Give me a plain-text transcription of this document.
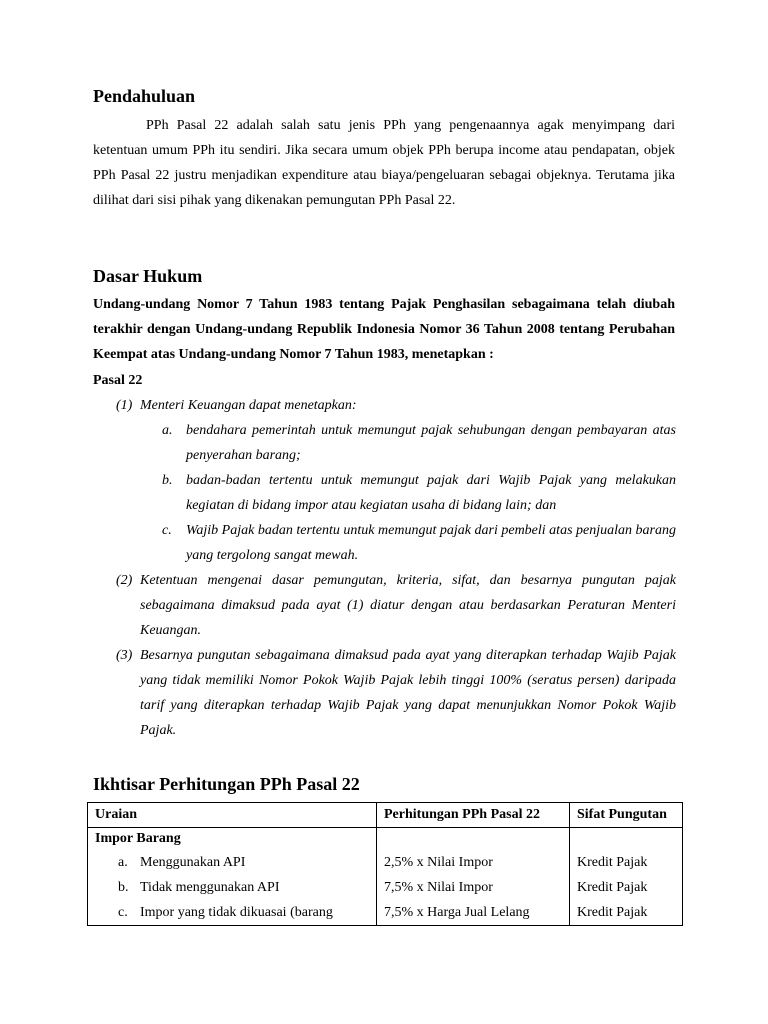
Pendahuluan

PPh Pasal 22 adalah salah satu jenis PPh yang pengenaannya agak menyimpang dari ketentuan umum PPh itu sendiri. Jika secara umum objek PPh berupa income atau pendapatan, objek PPh Pasal 22 justru menjadikan expenditure atau biaya/pengeluaran sebagai objeknya. Terutama jika dilihat dari sisi pihak yang dikenakan pemungutan PPh Pasal 22.

Dasar Hukum

Undang-undang Nomor 7 Tahun 1983 tentang Pajak Penghasilan sebagaimana telah diubah terakhir dengan Undang-undang Republik Indonesia Nomor 36 Tahun 2008 tentang Perubahan Keempat atas Undang-undang Nomor 7 Tahun 1983, menetapkan :

Pasal 22

(1) Menteri Keuangan dapat menetapkan:
a. bendahara pemerintah untuk memungut pajak sehubungan dengan pembayaran atas penyerahan barang;
b. badan-badan tertentu untuk memungut pajak dari Wajib Pajak yang melakukan kegiatan di bidang impor atau kegiatan usaha di bidang lain; dan
c. Wajib Pajak badan tertentu untuk memungut pajak dari pembeli atas penjualan barang yang tergolong sangat mewah.
(2) Ketentuan mengenai dasar pemungutan, kriteria, sifat, dan besarnya pungutan pajak sebagaimana dimaksud pada ayat (1) diatur dengan atau berdasarkan Peraturan Menteri Keuangan.
(3) Besarnya pungutan sebagaimana dimaksud pada ayat yang diterapkan terhadap Wajib Pajak yang tidak memiliki Nomor Pokok Wajib Pajak lebih tinggi 100% (seratus persen) daripada tarif yang diterapkan terhadap Wajib Pajak yang dapat menunjukkan Nomor Pokok Wajib Pajak.
Ikhtisar Perhitungan PPh Pasal 22
Uraian	Perhitungan PPh Pasal 22	Sifat Pungutan
Impor Barang		
a. Menggunakan API	2,5% x Nilai Impor	Kredit Pajak
b. Tidak menggunakan API	7,5% x Nilai Impor	Kredit Pajak
c. Impor yang tidak dikuasai (barang	7,5% x Harga Jual Lelang	Kredit Pajak
